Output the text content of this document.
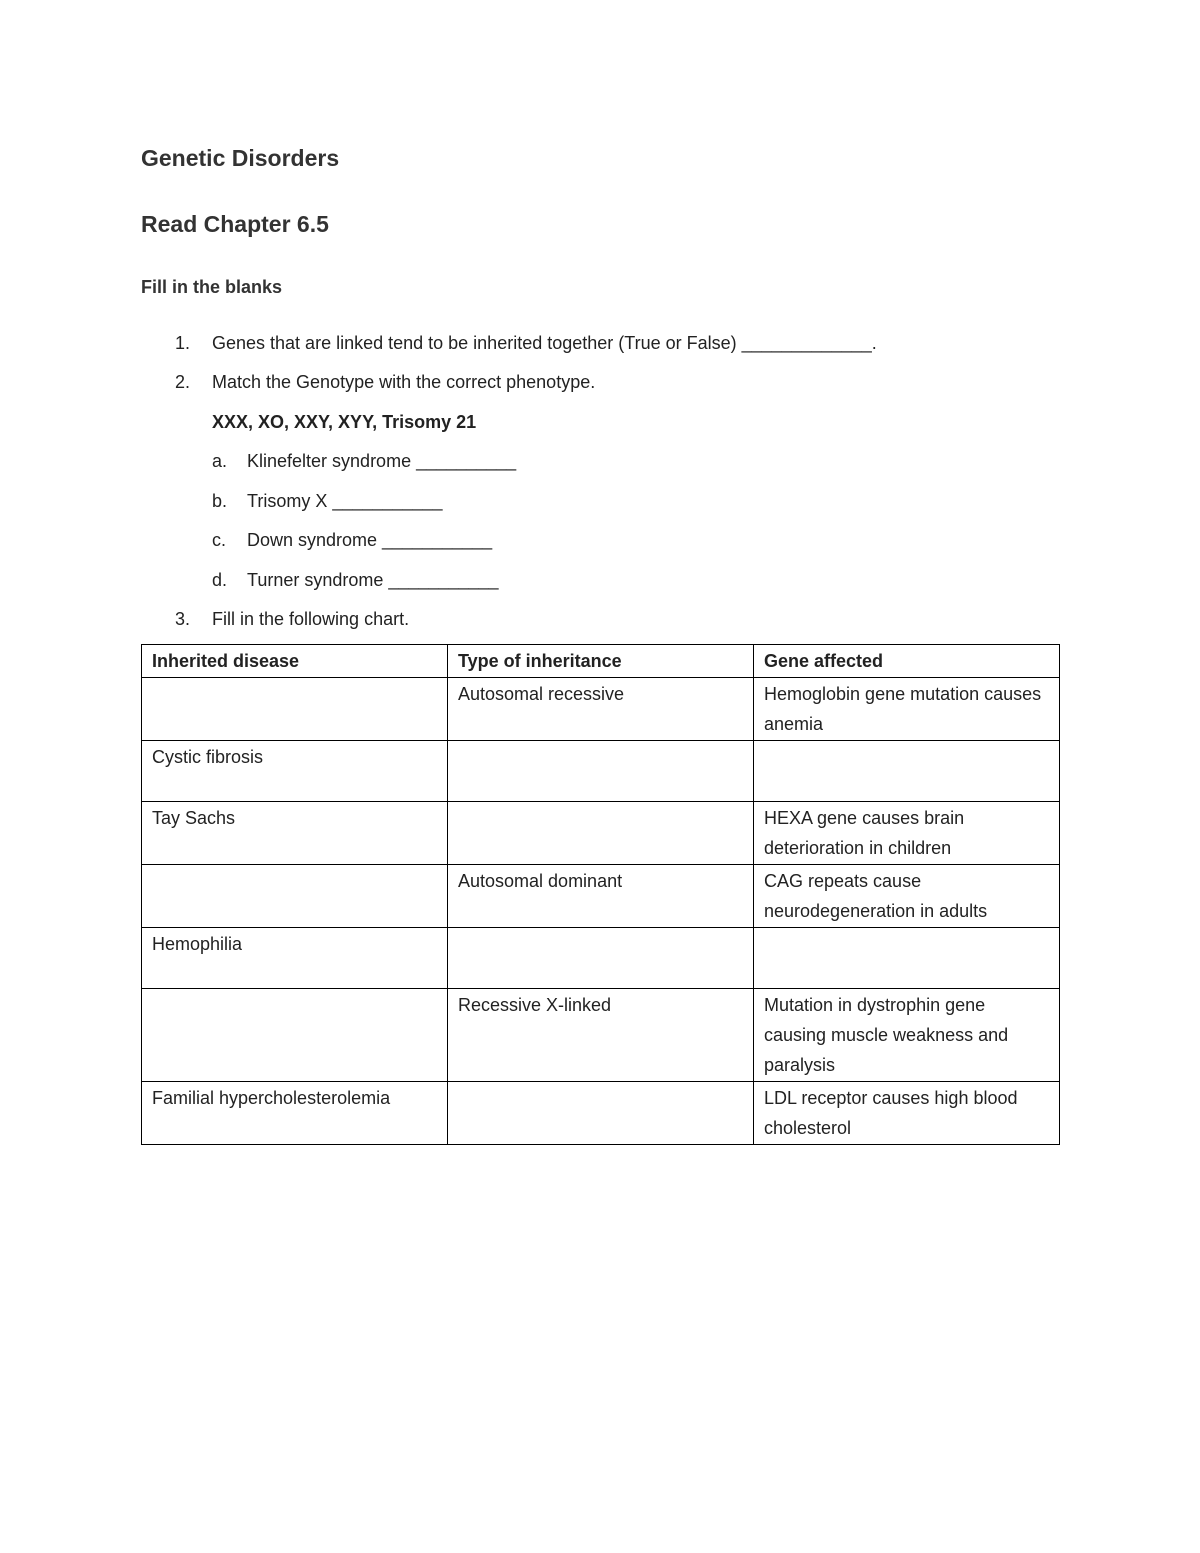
Genetic Disorders
Read Chapter 6.5
Fill in the blanks
1. Genes that are linked tend to be inherited together (True or False) _____________.
2. Match the Genotype with the correct phenotype.
XXX, XO, XXY, XYY, Trisomy 21
a. Klinefelter syndrome __________
b. Trisomy X ___________
c. Down syndrome ___________
d. Turner syndrome ___________
3. Fill in the following chart.
Inherited disease	Type of inheritance	Gene affected
	Autosomal recessive	Hemoglobin gene mutation causes anemia
Cystic fibrosis		
Tay Sachs		HEXA gene causes brain deterioration in children
	Autosomal dominant	CAG repeats cause neurodegeneration in adults
Hemophilia		
	Recessive X-linked	Mutation in dystrophin gene causing muscle weakness and paralysis
Familial hypercholesterolemia		LDL receptor causes high blood cholesterol
